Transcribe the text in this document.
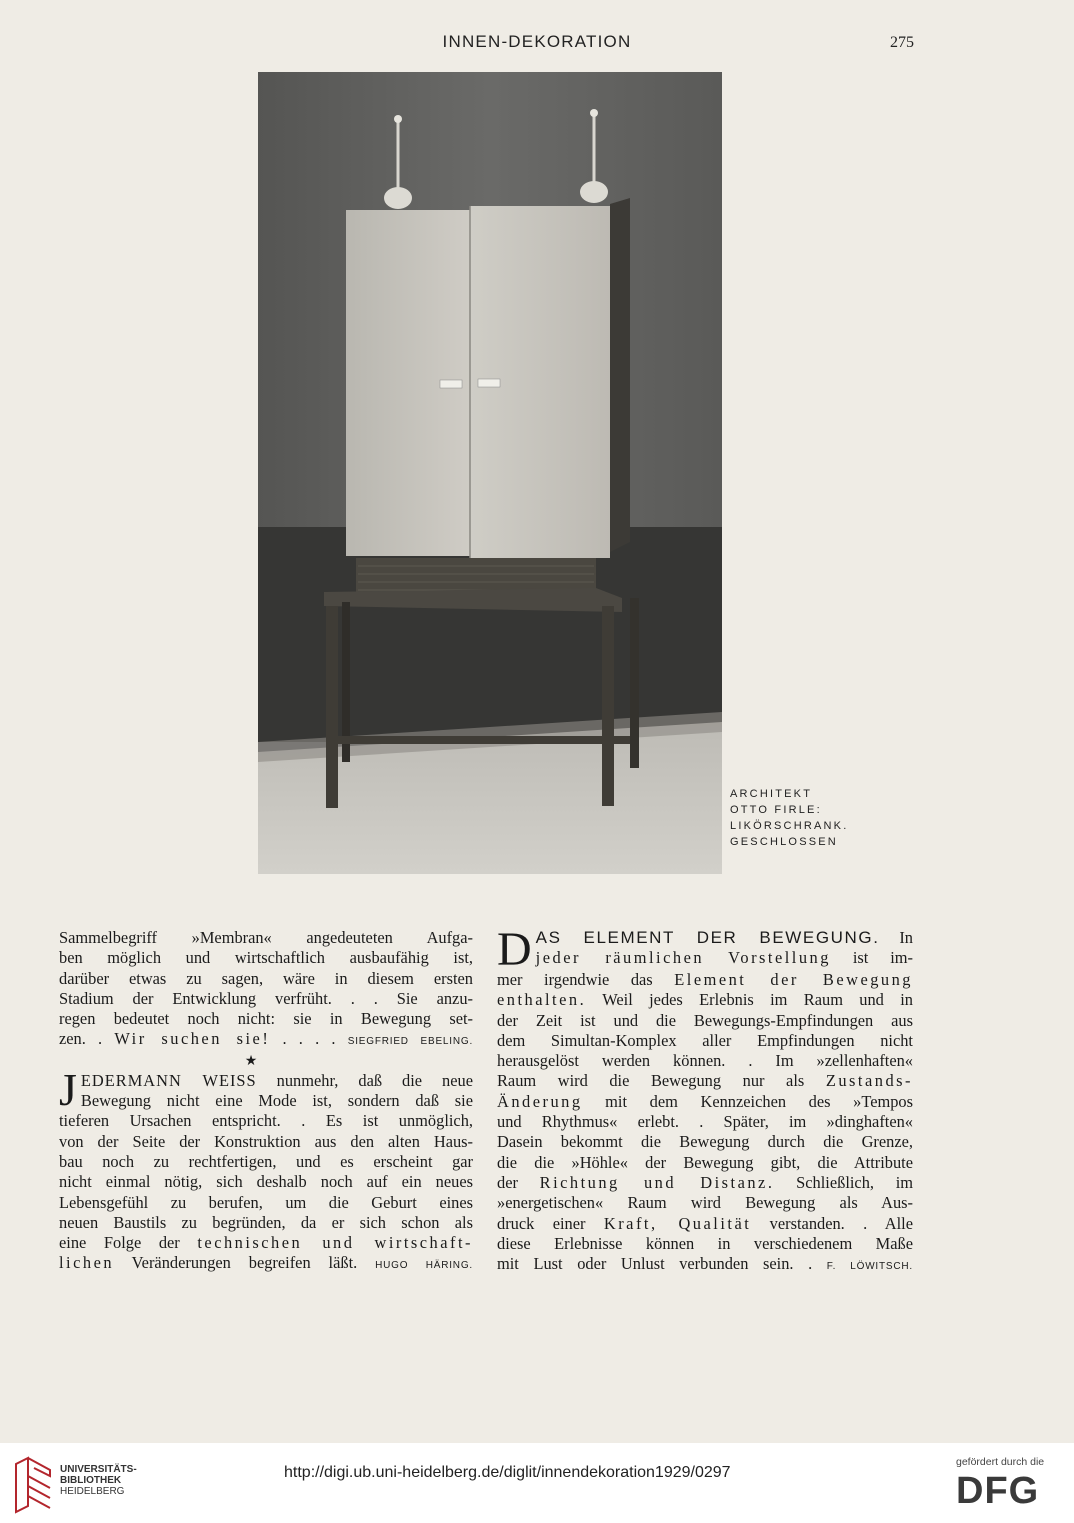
INNEN-DEKORATION	275
ARCHITEKT
OTTO FIRLE:
LIKÖRSCHRANK.
GESCHLOSSEN

Sammelbegriff »Membran« angedeuteten Aufga-
ben möglich und wirtschaftlich ausbaufähig ist,
darüber etwas zu sagen, wäre in diesem ersten
Stadium der Entwicklung verfrüht. . . Sie anzu-
regen bedeutet noch nicht: sie in Bewegung set-
zen. . Wir suchen sie! . . . . SIEGFRIED EBELING.

★

J EDERMANN WEISS nunmehr, daß die neue
Bewegung nicht eine Mode ist, sondern daß sie
tieferen Ursachen entspricht. . Es ist unmöglich,
von der Seite der Konstruktion aus den alten Haus-
bau noch zu rechtfertigen, und es erscheint gar
nicht einmal nötig, sich deshalb noch auf ein neues
Lebensgefühl zu berufen, um die Geburt eines
neuen Baustils zu begründen, da er sich schon als
eine Folge der technischen und wirtschaft-
lichen Veränderungen begreifen läßt. HUGO HÄRING.

D AS ELEMENT DER BEWEGUNG. In
jeder räumlichen Vorstellung ist im-
mer irgendwie das Element der Bewegung
enthalten. Weil jedes Erlebnis im Raum und in
der Zeit ist und die Bewegungs-Empfindungen aus
dem Simultan-Komplex aller Empfindungen nicht
herausgelöst werden können. . Im »zellenhaften«
Raum wird die Bewegung nur als Zustands-
Änderung mit dem Kennzeichen des »Tempos
und Rhythmus« erlebt. . Später, im »dinghaften«
Dasein bekommt die Bewegung durch die Grenze,
die die »Höhle« der Bewegung gibt, die Attribute
der Richtung und Distanz. Schließlich, im
»energetischen« Raum wird Bewegung als Aus-
druck einer Kraft, Qualität verstanden. . Alle
diese Erlebnisse können in verschiedenem Maße
mit Lust oder Unlust verbunden sein. . F. LÖWITSCH.

UNIVERSITÄTS-
BIBLIOTHEK
HEIDELBERG
http://digi.ub.uni-heidelberg.de/diglit/innendekoration1929/0297
gefördert durch die
DFG
